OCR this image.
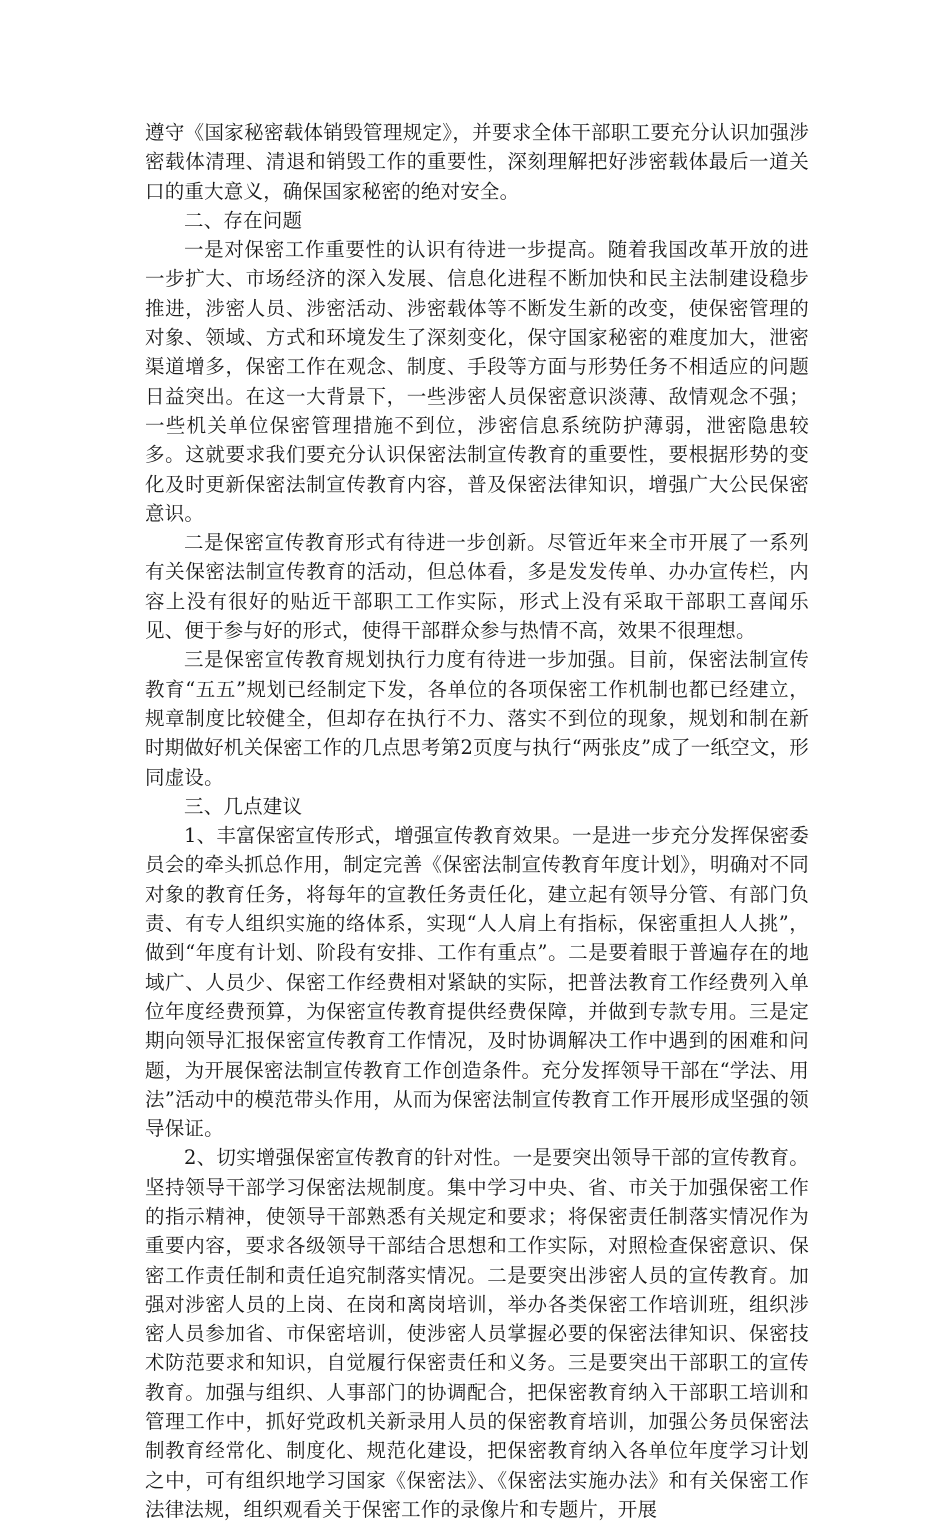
遵守《国家秘密载体销毁管理规定》，并要求全体干部职工要充分认识加强涉密载体清理、清退和销毁工作的重要性，深刻理解把好涉密载体最后一道关口的重大意义，确保国家秘密的绝对安全。

二、存在问题

一是对保密工作重要性的认识有待进一步提高。随着我国改革开放的进一步扩大、市场经济的深入发展、信息化进程不断加快和民主法制建设稳步推进，涉密人员、涉密活动、涉密载体等不断发生新的改变，使保密管理的对象、领域、方式和环境发生了深刻变化，保守国家秘密的难度加大，泄密渠道增多，保密工作在观念、制度、手段等方面与形势任务不相适应的问题日益突出。在这一大背景下，一些涉密人员保密意识淡薄、敌情观念不强；一些机关单位保密管理措施不到位，涉密信息系统防护薄弱，泄密隐患较多。这就要求我们要充分认识保密法制宣传教育的重要性，要根据形势的变化及时更新保密法制宣传教育内容，普及保密法律知识，增强广大公民保密意识。

二是保密宣传教育形式有待进一步创新。尽管近年来全市开展了一系列有关保密法制宣传教育的活动，但总体看，多是发发传单、办办宣传栏，内容上没有很好的贴近干部职工工作实际，形式上没有采取干部职工喜闻乐见、便于参与好的形式，使得干部群众参与热情不高，效果不很理想。

三是保密宣传教育规划执行力度有待进一步加强。目前，保密法制宣传教育“五五”规划已经制定下发，各单位的各项保密工作机制也都已经建立，规章制度比较健全，但却存在执行不力、落实不到位的现象，规划和制在新时期做好机关保密工作的几点思考第2页度与执行“两张皮”成了一纸空文，形同虚设。

三、几点建议

1、丰富保密宣传形式，增强宣传教育效果。一是进一步充分发挥保密委员会的牵头抓总作用，制定完善《保密法制宣传教育年度计划》，明确对不同对象的教育任务，将每年的宣教任务责任化，建立起有领导分管、有部门负责、有专人组织实施的络体系，实现“人人肩上有指标，保密重担人人挑”，做到“年度有计划、阶段有安排、工作有重点”。二是要着眼于普遍存在的地域广、人员少、保密工作经费相对紧缺的实际，把普法教育工作经费列入单位年度经费预算，为保密宣传教育提供经费保障，并做到专款专用。三是定期向领导汇报保密宣传教育工作情况，及时协调解决工作中遇到的困难和问题，为开展保密法制宣传教育工作创造条件。充分发挥领导干部在“学法、用法”活动中的模范带头作用，从而为保密法制宣传教育工作开展形成坚强的领导保证。

2、切实增强保密宣传教育的针对性。一是要突出领导干部的宣传教育。坚持领导干部学习保密法规制度。集中学习中央、省、市关于加强保密工作的指示精神，使领导干部熟悉有关规定和要求；将保密责任制落实情况作为重要内容，要求各级领导干部结合思想和工作实际，对照检查保密意识、保密工作责任制和责任追究制落实情况。二是要突出涉密人员的宣传教育。加强对涉密人员的上岗、在岗和离岗培训，举办各类保密工作培训班，组织涉密人员参加省、市保密培训，使涉密人员掌握必要的保密法律知识、保密技术防范要求和知识，自觉履行保密责任和义务。三是要突出干部职工的宣传教育。加强与组织、人事部门的协调配合，把保密教育纳入干部职工培训和管理工作中，抓好党政机关新录用人员的保密教育培训，加强公务员保密法制教育经常化、制度化、规范化建设，把保密教育纳入各单位年度学习计划之中，可有组织地学习国家《保密法》、《保密法实施办法》和有关保密工作法律法规，组织观看关于保密工作的录像片和专题片，开展
